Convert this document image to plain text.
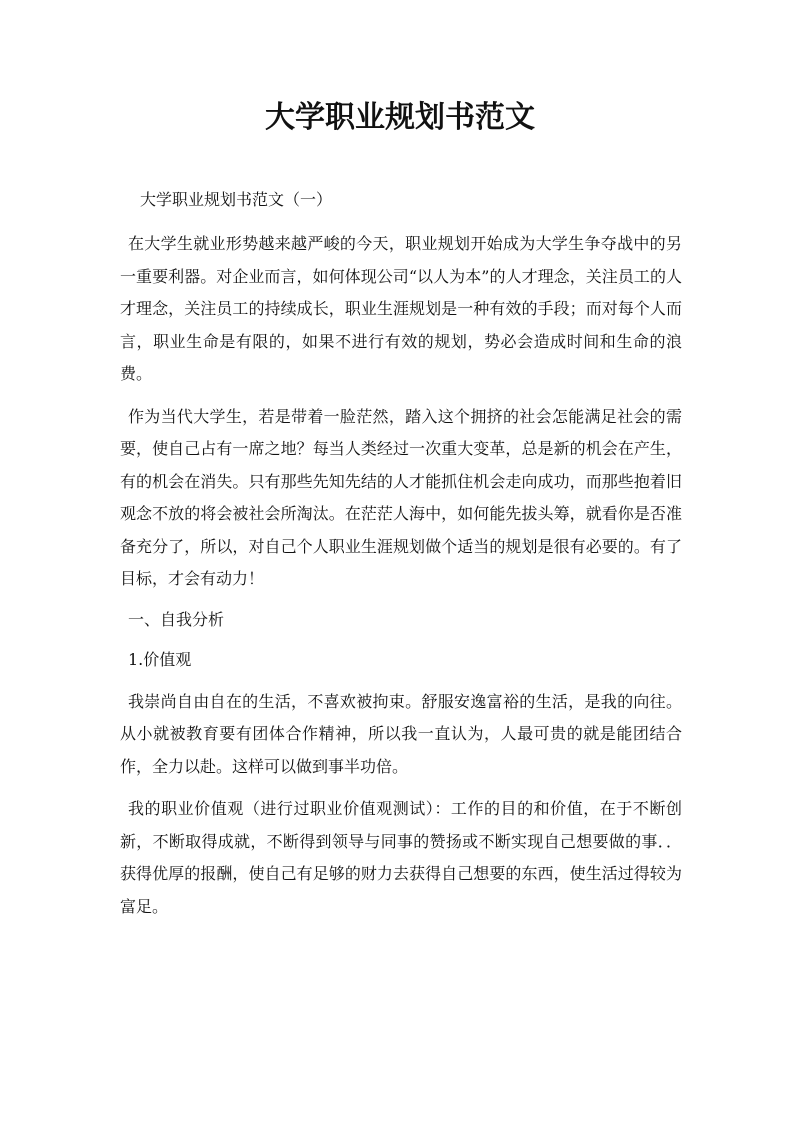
大学职业规划书范文

大学职业规划书范文（一）

在大学生就业形势越来越严峻的今天，职业规划开始成为大学生争夺战中的另一重要利器。对企业而言，如何体现公司“以人为本”的人才理念，关注员工的人才理念，关注员工的持续成长，职业生涯规划是一种有效的手段；而对每个人而言，职业生命是有限的，如果不进行有效的规划，势必会造成时间和生命的浪费。

作为当代大学生，若是带着一脸茫然，踏入这个拥挤的社会怎能满足社会的需要，使自己占有一席之地？每当人类经过一次重大变革，总是新的机会在产生，有的机会在消失。只有那些先知先结的人才能抓住机会走向成功，而那些抱着旧观念不放的将会被社会所淘汰。在茫茫人海中，如何能先拔头筹，就看你是否准备充分了，所以，对自己个人职业生涯规划做个适当的规划是很有必要的。有了目标，才会有动力！

一、自我分析

1.价值观

我崇尚自由自在的生活，不喜欢被拘束。舒服安逸富裕的生活，是我的向往。从小就被教育要有团体合作精神，所以我一直认为，人最可贵的就是能团结合作，全力以赴。这样可以做到事半功倍。

我的职业价值观（进行过职业价值观测试）：工作的目的和价值，在于不断创新，不断取得成就，不断得到领导与同事的赞扬或不断实现自己想要做的事．．获得优厚的报酬，使自己有足够的财力去获得自己想要的东西，使生活过得较为富足。
